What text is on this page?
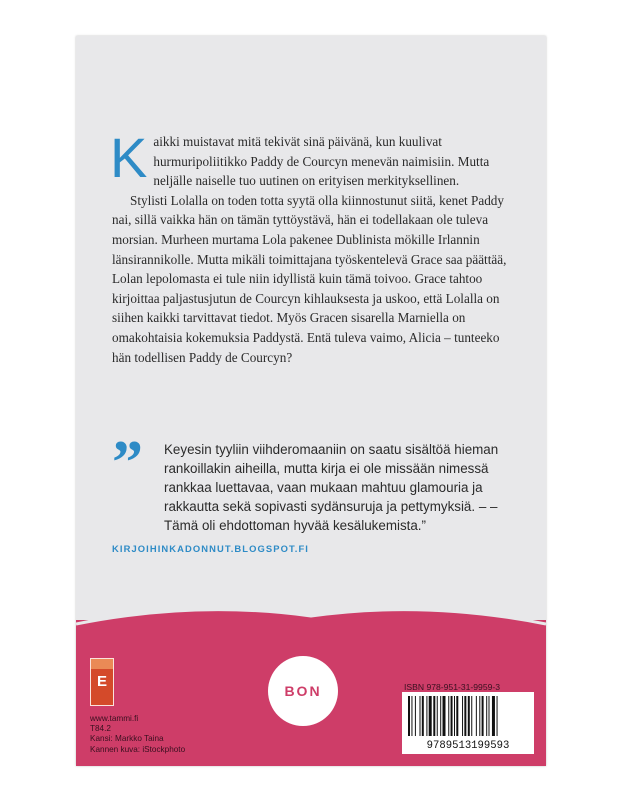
K aikki muistavat mitä tekivät sinä päivänä, kun kuulivat hurmuripoliitikko Paddy de Courcyn menevän naimisiin. Mutta neljälle naiselle tuo uutinen on erityisen merkityksellinen.

Stylisti Lolalla on toden totta syytä olla kiinnostunut siitä, kenet Paddy nai, sillä vaikka hän on tämän tyttöystävä, hän ei todellakaan ole tuleva morsian. Murheen murtama Lola pakenee Dublinista mökille Irlannin länsirannikolle. Mutta mikäli toimittajana työskentelevä Grace saa päättää, Lolan lepolomasta ei tule niin idyllistä kuin tämä toivoo. Grace tahtoo kirjoittaa paljastusjutun de Courcyn kihlauksesta ja uskoo, että Lolalla on siihen kaikki tarvittavat tiedot. Myös Gracen sisarella Marniella on omakohtaisia kokemuksia Paddystä. Entä tuleva vaimo, Alicia – tunteeko hän todellisen Paddy de Courcyn?

” Keyesin tyyliin viihderomaaniin on saatu sisältöä hieman rankoillakin aiheilla, mutta kirja ei ole missään nimessä rankkaa luettavaa, vaan mukaan mahtuu glamouria ja rakkautta sekä sopivasti sydänsuruja ja pettymyksiä. – – Tämä oli ehdottoman hyvää kesälukemista.”
KIRJOIHINKADONNUT.BLOGSPOT.FI
E
www.tammi.fi
T84.2
Kansi: Markko Taina
Kannen kuva: iStockphoto
BON	ISBN 978-951-31-9959-3
9789513199593
